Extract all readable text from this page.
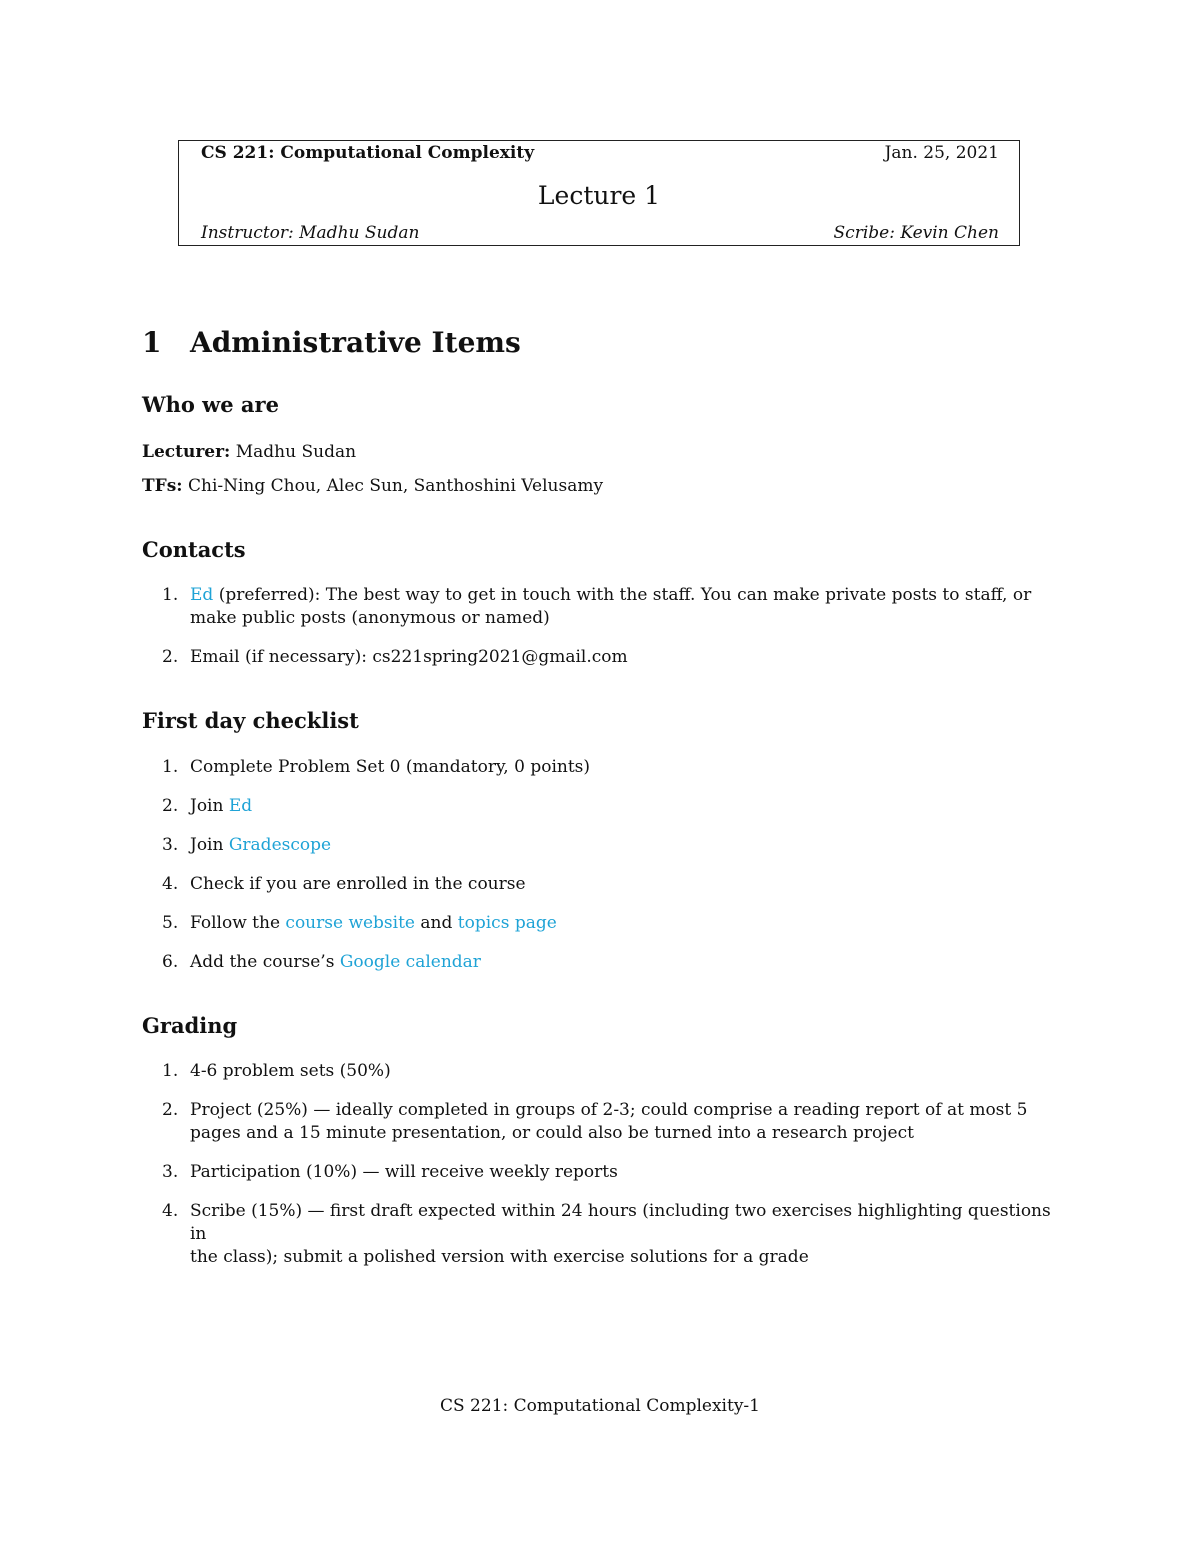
CS 221: Computational Complexity	Jan. 25, 2021
Lecture 1
Instructor: Madhu Sudan	Scribe: Kevin Chen
1 Administrative Items
Who we are
Lecturer: Madhu Sudan
TFs: Chi-Ning Chou, Alec Sun, Santhoshini Velusamy
Contacts
1. Ed (preferred): The best way to get in touch with the staff. You can make private posts to staff, or
make public posts (anonymous or named)
2. Email (if necessary): cs221spring2021@gmail.com
First day checklist
1. Complete Problem Set 0 (mandatory, 0 points)
2. Join Ed
3. Join Gradescope
4. Check if you are enrolled in the course
5. Follow the course website and topics page
6. Add the course’s Google calendar
Grading
1. 4-6 problem sets (50%)
2. Project (25%) — ideally completed in groups of 2-3; could comprise a reading report of at most 5
pages and a 15 minute presentation, or could also be turned into a research project
3. Participation (10%) — will receive weekly reports
4. Scribe (15%) — first draft expected within 24 hours (including two exercises highlighting questions in
the class); submit a polished version with exercise solutions for a grade
CS 221: Computational Complexity-1
